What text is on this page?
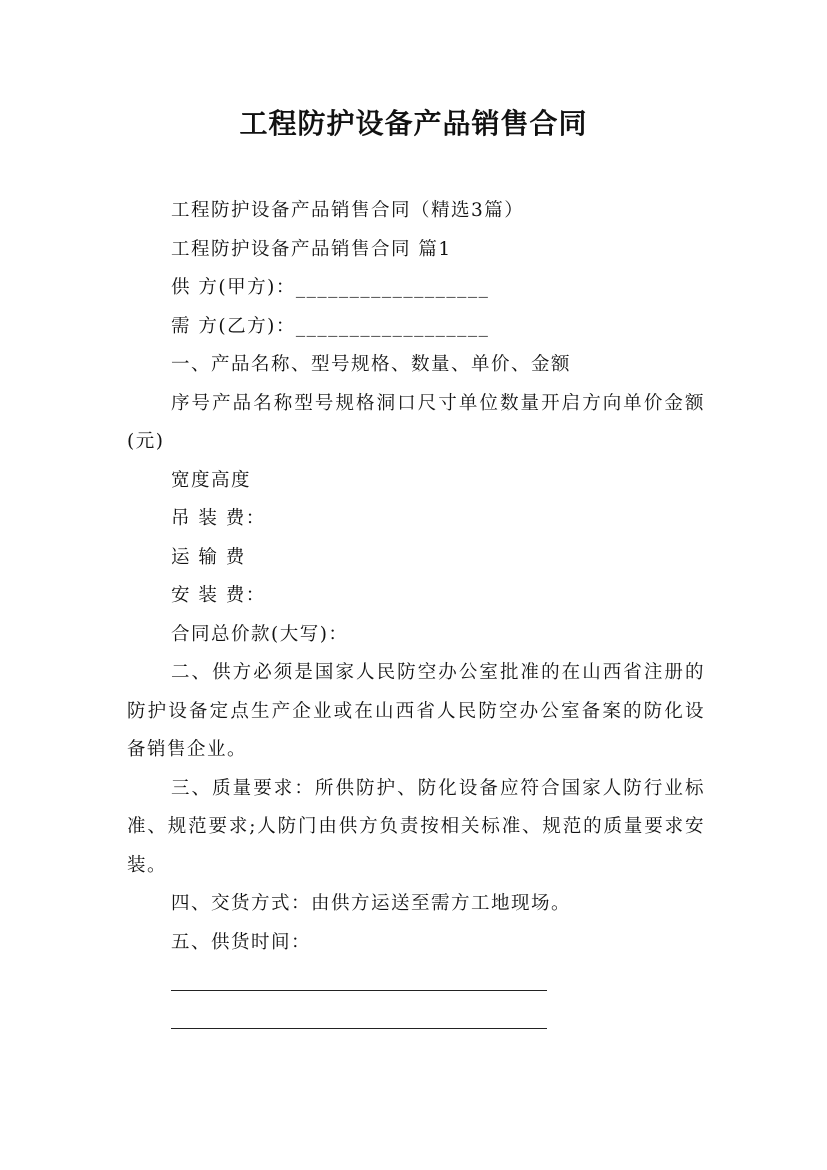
工程防护设备产品销售合同

工程防护设备产品销售合同（精选3篇）

工程防护设备产品销售合同 篇1

供 方(甲方)：__________________

需 方(乙方)：__________________

一、产品名称、型号规格、数量、单价、金额

序号产品名称型号规格洞口尺寸单位数量开启方向单价金额(元)

宽度高度

吊 装 费：

运 输 费

安 装 费：

合同总价款(大写)：

二、供方必须是国家人民防空办公室批准的在山西省注册的防护设备定点生产企业或在山西省人民防空办公室备案的防化设备销售企业。

三、质量要求：所供防护、防化设备应符合国家人防行业标准、规范要求;人防门由供方负责按相关标准、规范的质量要求安装。

四、交货方式：由供方运送至需方工地现场。

五、供货时间：
